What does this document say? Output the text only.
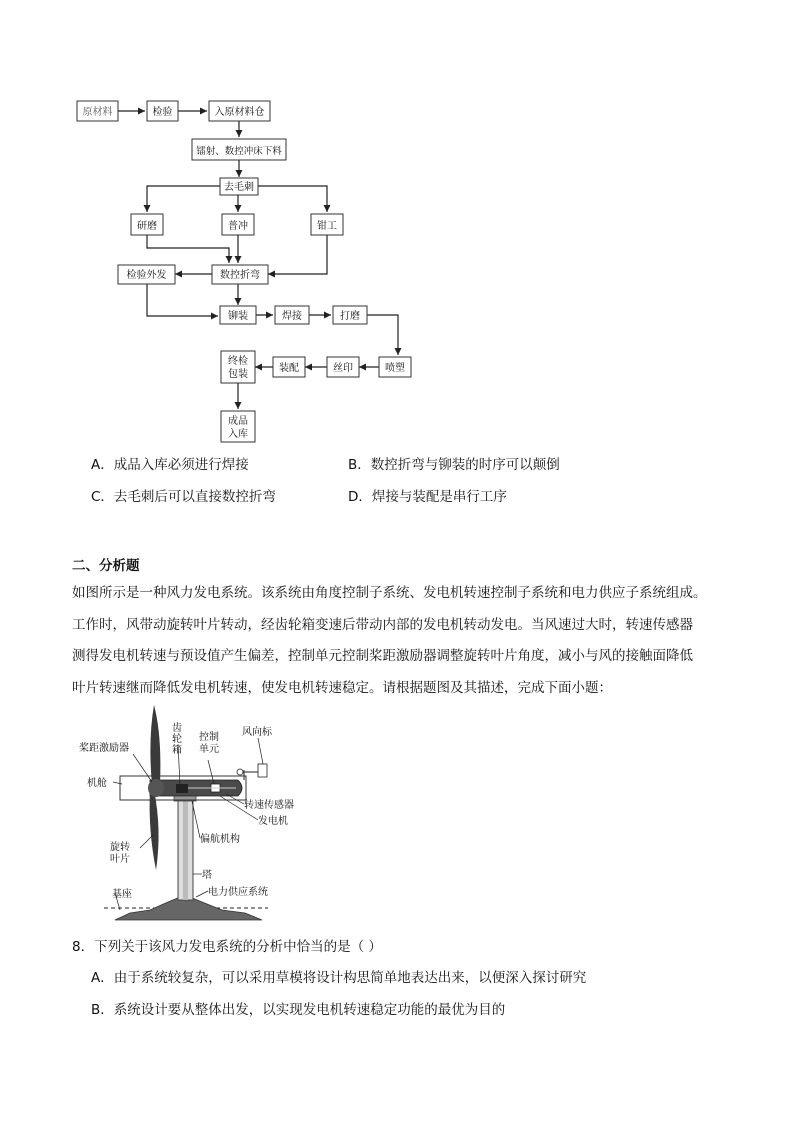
原材料	检验	入原材料仓
镭射、数控冲床下料
去毛刺
研磨	普冲	钳工
检验外发	数控折弯
铆装	焊接	打磨
喷塑
丝印
装配
终检
包装
成品
入库
A．成品入库必须进行焊接	B．数控折弯与铆装的时序可以颠倒
C．去毛刺后可以直接数控折弯	D．焊接与装配是串行工序
二、分析题

如图所示是一种风力发电系统。该系统由角度控制子系统、发电机转速控制子系统和电力供应子系统组成。

工作时，风带动旋转叶片转动，经齿轮箱变速后带动内部的发电机转动发电。当风速过大时，转速传感器

测得发电机转速与预设值产生偏差，控制单元控制桨距激励器调整旋转叶片角度，减小与风的接触面降低

叶片转速继而降低发电机转速，使发电机转速稳定。请根据题图及其描述，完成下面小题：

桨距激励器
齿
轮
箱
控制
单元
风向标
机舱
转速传感器
发电机
偏航机构
旋转
叶片
塔
电力供应系统
基座
8．下列关于该风力发电系统的分析中恰当的是（ ）
A．由于系统较复杂，可以采用草模将设计构思简单地表达出来，以便深入探讨研究
B．系统设计要从整体出发，以实现发电机转速稳定功能的最优为目的
